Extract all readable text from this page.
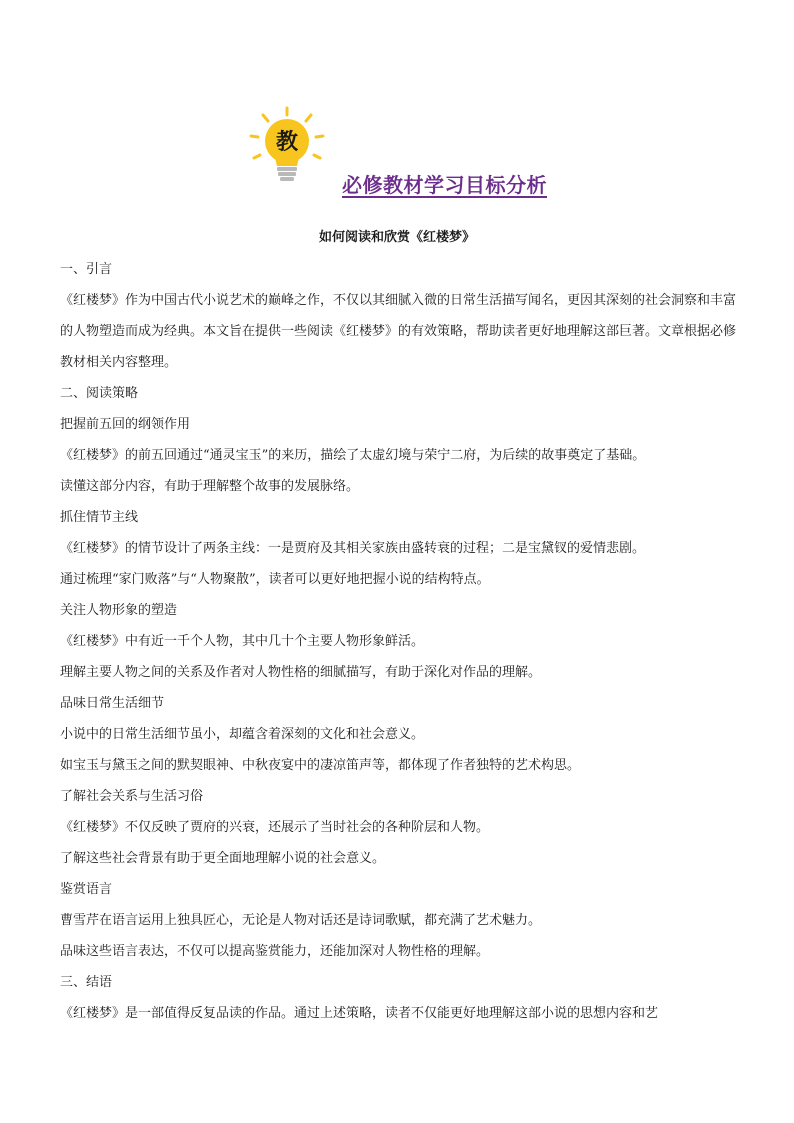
教
必修教材学习目标分析
如何阅读和欣赏《红楼梦》

一、引言

《红楼梦》作为中国古代小说艺术的巅峰之作，不仅以其细腻入微的日常生活描写闻名，更因其深刻的社会洞察和丰富的人物塑造而成为经典。本文旨在提供一些阅读《红楼梦》的有效策略，帮助读者更好地理解这部巨著。文章根据必修教材相关内容整理。

二、阅读策略

把握前五回的纲领作用

《红楼梦》的前五回通过“通灵宝玉”的来历，描绘了太虚幻境与荣宁二府，为后续的故事奠定了基础。

读懂这部分内容，有助于理解整个故事的发展脉络。

抓住情节主线

《红楼梦》的情节设计了两条主线：一是贾府及其相关家族由盛转衰的过程；二是宝黛钗的爱情悲剧。

通过梳理“家门败落”与“人物聚散”，读者可以更好地把握小说的结构特点。

关注人物形象的塑造

《红楼梦》中有近一千个人物，其中几十个主要人物形象鲜活。

理解主要人物之间的关系及作者对人物性格的细腻描写，有助于深化对作品的理解。

品味日常生活细节

小说中的日常生活细节虽小，却蕴含着深刻的文化和社会意义。

如宝玉与黛玉之间的默契眼神、中秋夜宴中的凄凉笛声等，都体现了作者独特的艺术构思。

了解社会关系与生活习俗

《红楼梦》不仅反映了贾府的兴衰，还展示了当时社会的各种阶层和人物。

了解这些社会背景有助于更全面地理解小说的社会意义。

鉴赏语言

曹雪芹在语言运用上独具匠心，无论是人物对话还是诗词歌赋，都充满了艺术魅力。

品味这些语言表达，不仅可以提高鉴赏能力，还能加深对人物性格的理解。

三、结语

《红楼梦》是一部值得反复品读的作品。通过上述策略，读者不仅能更好地理解这部小说的思想内容和艺
